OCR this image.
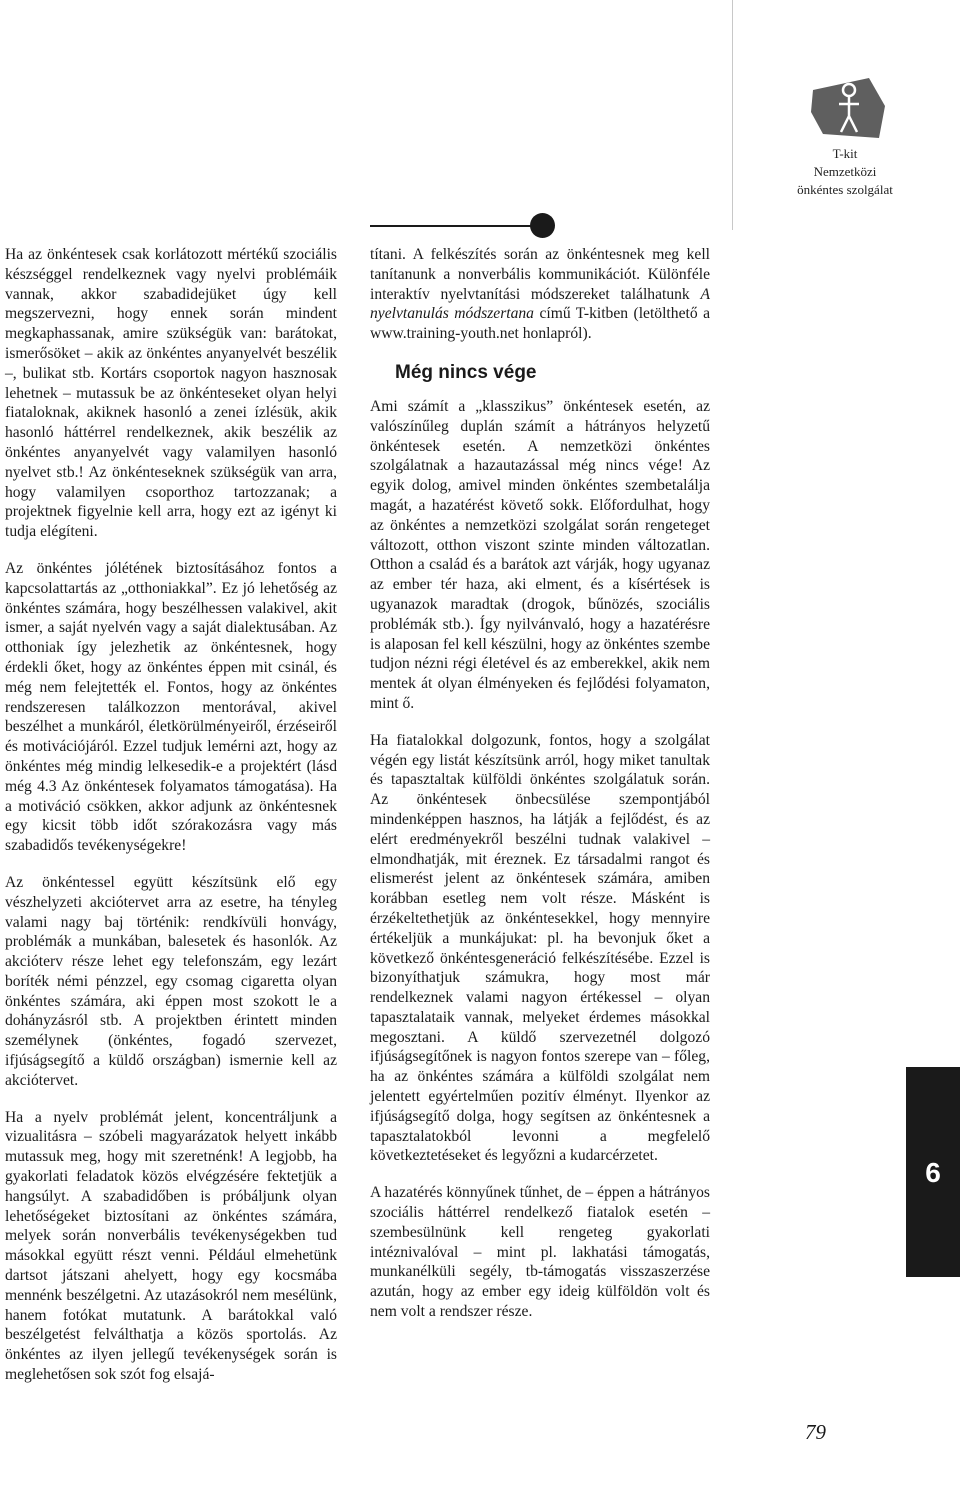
T-kit
Nemzetközi
önkéntes szolgálat

Ha az önkéntesek csak korlátozott mértékű szociális készséggel rendelkeznek vagy nyelvi problémáik vannak, akkor szabadidejüket úgy kell megszervezni, hogy ennek során mindent megkaphassanak, amire szükségük van: barátokat, ismerősöket – akik az önkéntes anyanyelvét beszélik –, bulikat stb. Kortárs csoportok nagyon hasznosak lehetnek – mutassuk be az önkénteseket olyan helyi fiataloknak, akiknek hasonló a zenei ízlésük, akik hasonló háttérrel rendelkeznek, akik beszélik az önkéntes anyanyelvét vagy valamilyen hasonló nyelvet stb.! Az önkénteseknek szükségük van arra, hogy valamilyen csoporthoz tartozzanak; a projektnek figyelnie kell arra, hogy ezt az igényt ki tudja elégíteni.

Az önkéntes jólétének biztosításához fontos a kapcsolattartás az „otthoniakkal”. Ez jó lehetőség az önkéntes számára, hogy beszélhessen valakivel, akit ismer, a saját nyelvén vagy a saját dialektusában. Az otthoniak így jelezhetik az önkéntesnek, hogy érdekli őket, hogy az önkéntes éppen mit csinál, és még nem felejtették el. Fontos, hogy az önkéntes rendszeresen találkozzon mentorával, akivel beszélhet a munkáról, életkörülményeiről, érzéseiről és motivációjáról. Ezzel tudjuk lemérni azt, hogy az önkéntes még mindig lelkesedik-e a projektért (lásd még 4.3 Az önkéntesek folyamatos támogatása). Ha a motiváció csökken, akkor adjunk az önkéntesnek egy kicsit több időt szórakozásra vagy más szabadidős tevékenységekre!

Az önkéntessel együtt készítsünk elő egy vészhelyzeti akciótervet arra az esetre, ha tényleg valami nagy baj történik: rendkívüli honvágy, problémák a munkában, balesetek és hasonlók. Az akcióterv része lehet egy telefonszám, egy lezárt boríték némi pénzzel, egy csomag cigaretta olyan önkéntes számára, aki éppen most szokott le a dohányzásról stb. A projektben érintett minden személynek (önkéntes, fogadó szervezet, ifjúságsegítő a küldő országban) ismernie kell az akciótervet.

Ha a nyelv problémát jelent, koncentráljunk a vizualitásra – szóbeli magyarázatok helyett inkább mutassuk meg, hogy mit szeretnénk! A legjobb, ha gyakorlati feladatok közös elvégzésére fektetjük a hangsúlyt. A szabadidőben is próbáljunk olyan lehetőségeket biztosítani az önkéntes számára, melyek során nonverbális tevékenységekben tud másokkal együtt részt venni. Például elmehetünk dartsot játszani ahelyett, hogy egy kocsmába mennénk beszélgetni. Az utazásokról nem mesélünk, hanem fotókat mutatunk. A barátokkal való beszélgetést felválthatja a közös sportolás. Az önkéntes az ilyen jellegű tevékenységek során is meglehetősen sok szót fog elsajá-

títani. A felkészítés során az önkéntesnek meg kell tanítanunk a nonverbális kommunikációt. Különféle interaktív nyelvtanítási módszereket találhatunk A nyelvtanulás módszertana című T-kitben (letölthető a www.training-youth.net honlapról).

Még nincs vége

Ami számít a „klasszikus” önkéntesek esetén, az valószínűleg duplán számít a hátrányos helyzetű önkéntesek esetén. A nemzetközi önkéntes szolgálatnak a hazautazással még nincs vége! Az egyik dolog, amivel minden önkéntes szembetalálja magát, a hazatérést követő sokk. Előfordulhat, hogy az önkéntes a nemzetközi szolgálat során rengeteget változott, otthon viszont szinte minden változatlan. Otthon a család és a barátok azt várják, hogy ugyanaz az ember tér haza, aki elment, és a kísértések is ugyanazok maradtak (drogok, bűnözés, szociális problémák stb.). Így nyilvánvaló, hogy a hazatérésre is alaposan fel kell készülni, hogy az önkéntes szembe tudjon nézni régi életével és az emberekkel, akik nem mentek át olyan élményeken és fejlődési folyamaton, mint ő.

Ha fiatalokkal dolgozunk, fontos, hogy a szolgálat végén egy listát készítsünk arról, hogy miket tanultak és tapasztaltak külföldi önkéntes szolgálatuk során. Az önkéntesek önbecsülése szempontjából mindenképpen hasznos, ha látják a fejlődést, és az elért eredményekről beszélni tudnak valakivel – elmondhatják, mit éreznek. Ez társadalmi rangot és elismerést jelent az önkéntesek számára, amiben korábban esetleg nem volt része. Másként is érzékeltethetjük az önkéntesekkel, hogy mennyire értékeljük a munkájukat: pl. ha bevonjuk őket a következő önkéntesgeneráció felkészítésébe. Ezzel is bizonyíthatjuk számukra, hogy most már rendelkeznek valami nagyon értékessel – olyan tapasztalataik vannak, melyeket érdemes másokkal megosztani. A küldő szervezetnél dolgozó ifjúságsegítőnek is nagyon fontos szerepe van – főleg, ha az önkéntes számára a külföldi szolgálat nem jelentett egyértelműen pozitív élményt. Ilyenkor az ifjúságsegítő dolga, hogy segítsen az önkéntesnek a tapasztalatokból levonni a megfelelő következtetéseket és legyőzni a kudarcérzetet.

A hazatérés könnyűnek tűnhet, de – éppen a hátrányos szociális háttérrel rendelkező fiatalok esetén – szembesülnünk kell rengeteg gyakorlati intéznivalóval – mint pl. lakhatási támogatás, munkanélküli segély, tb-támogatás visszaszerzése azután, hogy az ember egy ideig külföldön volt és nem volt a rendszer része.

6
79
